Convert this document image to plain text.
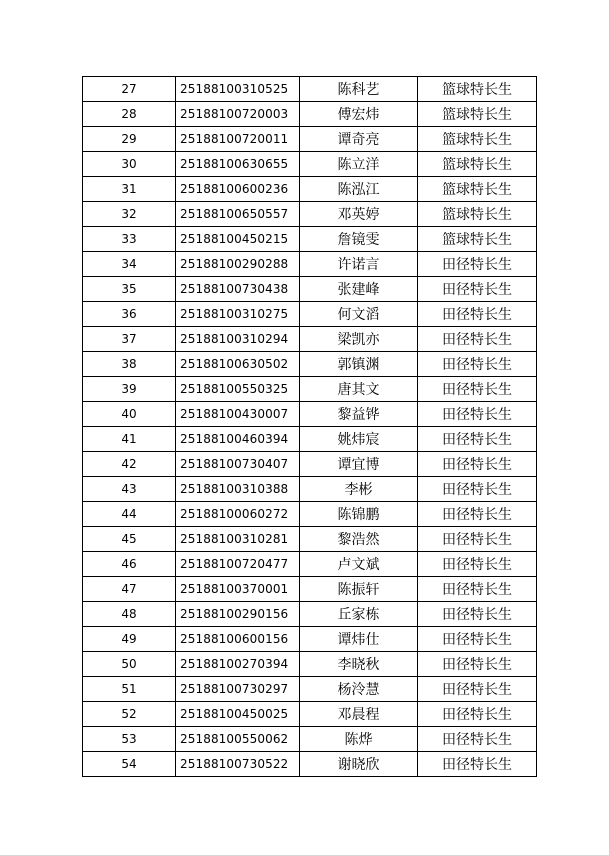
27	25188100310525	陈科艺	篮球特长生
28	25188100720003	傅宏炜	篮球特长生
29	25188100720011	谭奇亮	篮球特长生
30	25188100630655	陈立洋	篮球特长生
31	25188100600236	陈泓江	篮球特长生
32	25188100650557	邓英婷	篮球特长生
33	25188100450215	詹镜雯	篮球特长生
34	25188100290288	许诺言	田径特长生
35	25188100730438	张建峰	田径特长生
36	25188100310275	何文滔	田径特长生
37	25188100310294	梁凯亦	田径特长生
38	25188100630502	郭镇渊	田径特长生
39	25188100550325	唐其文	田径特长生
40	25188100430007	黎益铧	田径特长生
41	25188100460394	姚炜宸	田径特长生
42	25188100730407	谭宜博	田径特长生
43	25188100310388	李彬	田径特长生
44	25188100060272	陈锦鹏	田径特长生
45	25188100310281	黎浩然	田径特长生
46	25188100720477	卢文斌	田径特长生
47	25188100370001	陈振轩	田径特长生
48	25188100290156	丘家栋	田径特长生
49	25188100600156	谭炜仕	田径特长生
50	25188100270394	李晓秋	田径特长生
51	25188100730297	杨泠慧	田径特长生
52	25188100450025	邓晨程	田径特长生
53	25188100550062	陈烨	田径特长生
54	25188100730522	谢晓欣	田径特长生
